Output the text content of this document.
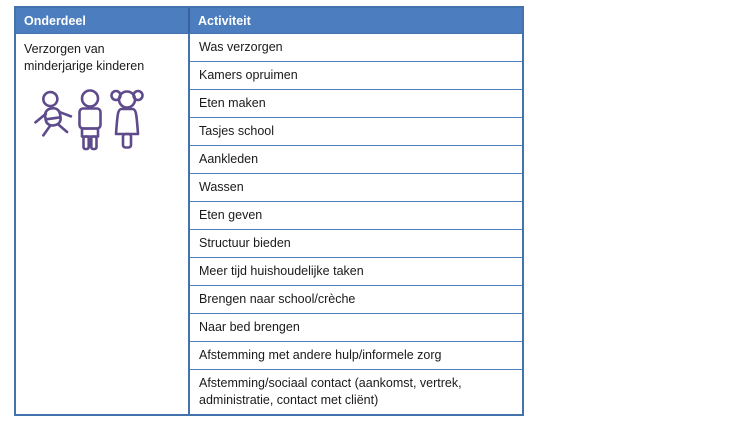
Onderdeel	Activiteit
Verzorgen van minderjarige kinderen
Was verzorgen
Kamers opruimen
Eten maken
Tasjes school
Aankleden
Wassen
Eten geven
Structuur bieden
Meer tijd huishoudelijke taken
Brengen naar school/crèche
Naar bed brengen
Afstemming met andere hulp/informele zorg
Afstemming/sociaal contact (aankomst, vertrek, administratie, contact met cliënt)
